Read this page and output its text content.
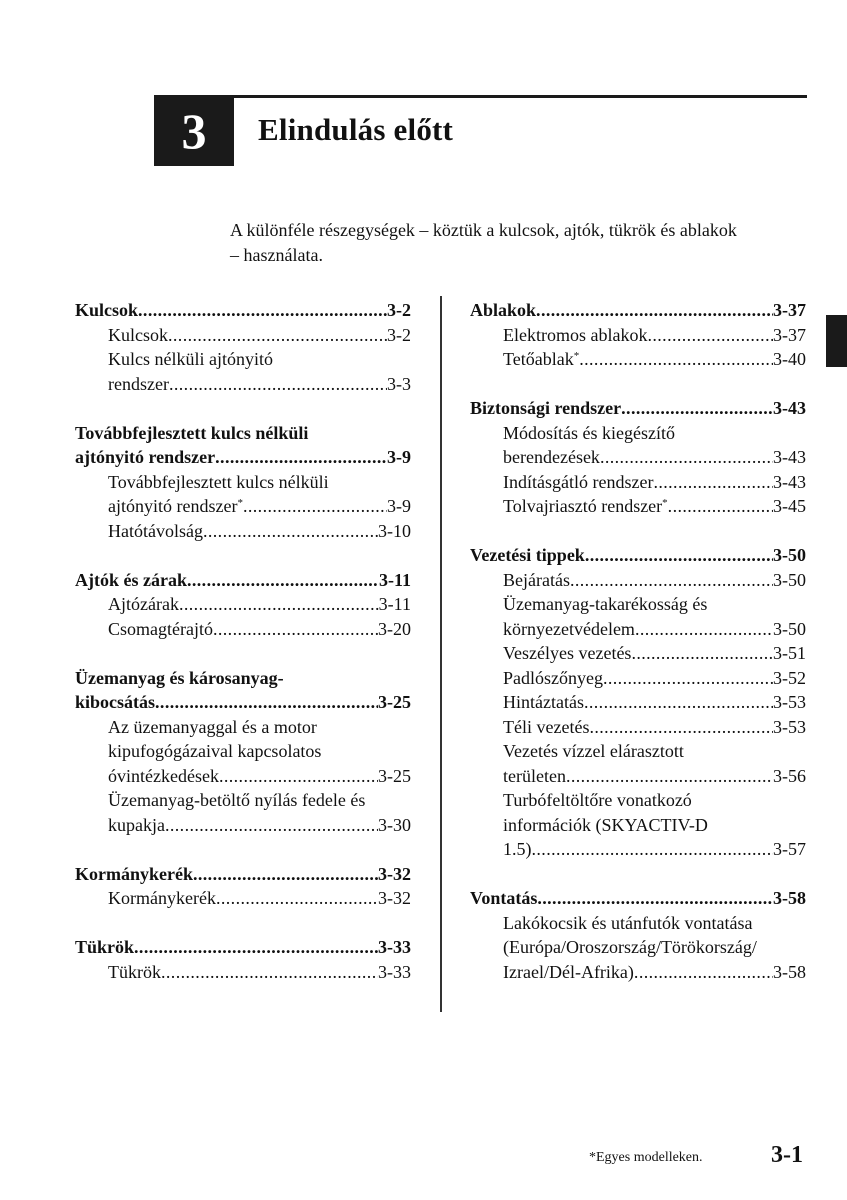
3 Elindulás előtt

A különféle részegységek – köztük a kulcsok, ajtók, tükrök és ablakok

– használata.

Kulcsok .....	3-2
Kulcsok .....	3-2
Kulcs nélküli ajtónyitó
rendszer .....	3-3
Továbbfejlesztett kulcs nélküli
ajtónyitó rendszer .....	3-9
Továbbfejlesztett kulcs nélküli
ajtónyitó rendszer* .....	3-9
Hatótávolság .....	3-10
Ajtók és zárak .....	3-11
Ajtózárak .....	3-11
Csomagtérajtó .....	3-20
Üzemanyag és károsanyag-
kibocsátás .....	3-25
Az üzemanyaggal és a motor
kipufogógázaival kapcsolatos
óvintézkedések .....	3-25
Üzemanyag-betöltő nyílás fedele és
kupakja .....	3-30
Kormánykerék .....	3-32
Kormánykerék .....	3-32
Tükrök .....	3-33
Tükrök .....	3-33
Ablakok .....	3-37
Elektromos ablakok .....	3-37
Tetőablak* .....	3-40
Biztonsági rendszer .....	3-43
Módosítás és kiegészítő
berendezések .....	3-43
Indításgátló rendszer .....	3-43
Tolvajriasztó rendszer* .....	3-45
Vezetési tippek .....	3-50
Bejáratás .....	3-50
Üzemanyag-takarékosság és
környezetvédelem .....	3-50
Veszélyes vezetés .....	3-51
Padlószőnyeg .....	3-52
Hintáztatás .....	3-53
Téli vezetés .....	3-53
Vezetés vízzel elárasztott
területen .....	3-56
Turbófeltöltőre vonatkozó
információk (SKYACTIV-D
1.5) .....	3-57
Vontatás .....	3-58
Lakókocsik és utánfutók vontatása
(Európa/Oroszország/Törökország/
Izrael/Dél-Afrika) .....	3-58
*Egyes modelleken.	3-1
